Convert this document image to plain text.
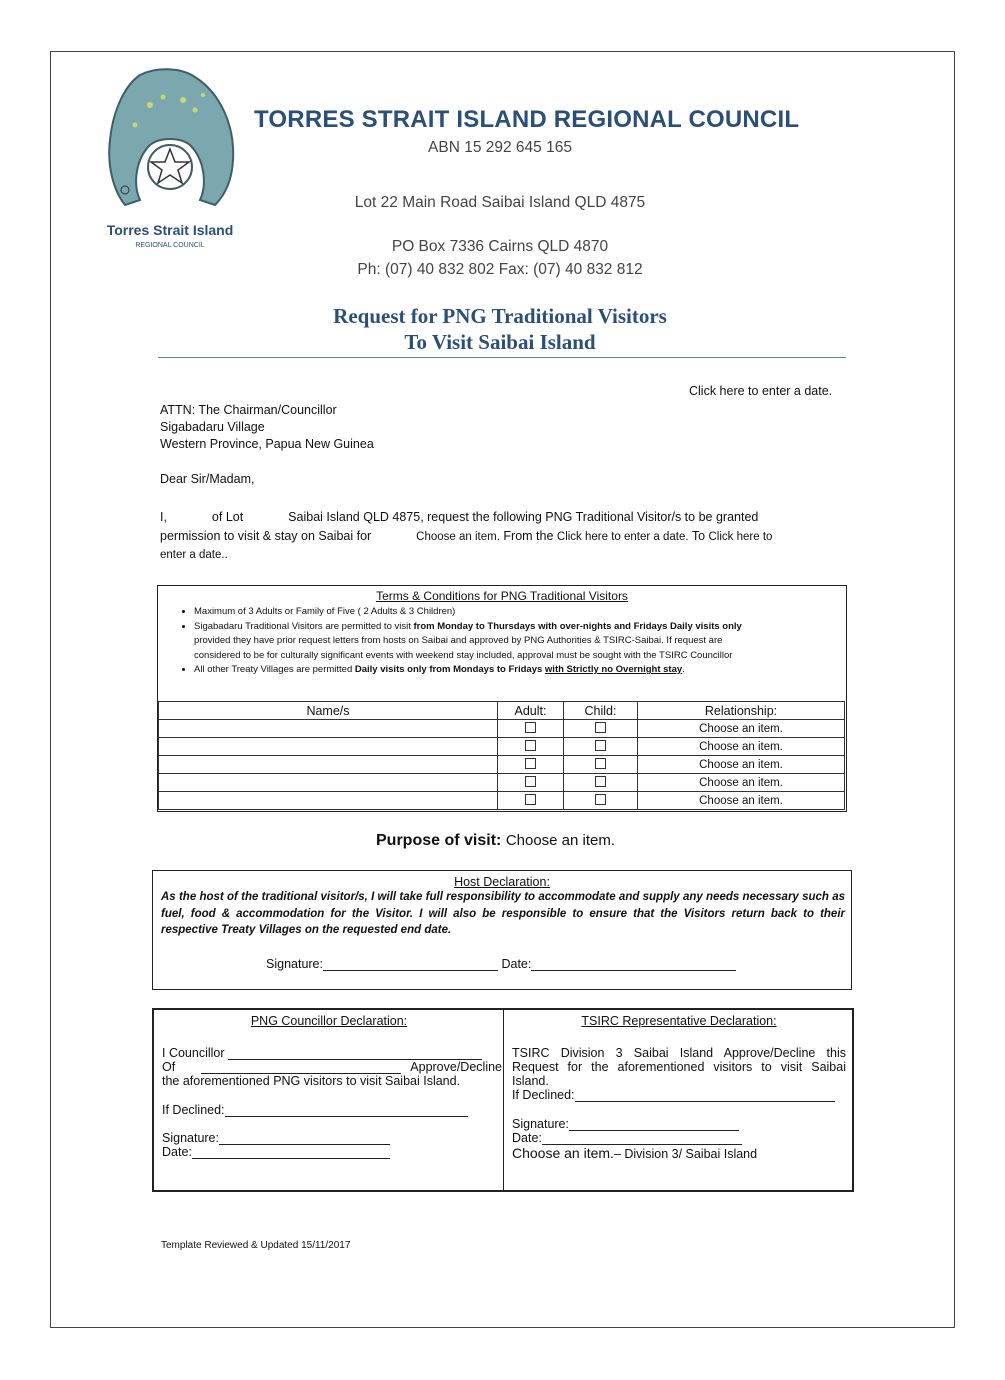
Torres Strait Island
REGIONAL COUNCIL
TORRES STRAIT ISLAND REGIONAL COUNCIL
ABN 15 292 645 165
Lot 22 Main Road Saibai Island QLD 4875
PO Box 7336 Cairns QLD 4870
Ph: (07) 40 832 802 Fax: (07) 40 832 812
Request for PNG Traditional Visitors
To Visit Saibai Island
Click here to enter a date.
ATTN: The Chairman/Councillor
Sigabadaru Village
Western Province, Papua New Guinea
Dear Sir/Madam,
I,	of Lot	Saibai Island QLD 4875, request the following PNG Traditional Visitor/s to be granted
permission to visit & stay on Saibai for	Choose an item. From the Click here to enter a date. To Click here to
enter a date..
Terms & Conditions for PNG Traditional Visitors
• Maximum of 3 Adults or Family of Five ( 2 Adults & 3 Children)
• Sigabadaru Traditional Visitors are permitted to visit from Monday to Thursdays with over-nights and Fridays Daily visits only
provided they have prior request letters from hosts on Saibai and approved by PNG Authorities & TSIRC-Saibai. If request are
considered to be for culturally significant events with weekend stay included, approval must be sought with the TSIRC Councillor
• All other Treaty Villages are permitted Daily visits only from Mondays to Fridays with Strictly no Overnight stay.
Name/s	Adult:	Child:	Relationship:
			Choose an item.
			Choose an item.
			Choose an item.
			Choose an item.
			Choose an item.
Purpose of visit: Choose an item.
Host Declaration:
As the host of the traditional visitor/s, I will take full responsibility to accommodate and supply any needs necessary such as fuel, food & accommodation for the Visitor. I will also be responsible to ensure that the Visitors return back to their respective Treaty Villages on the requested end date.
Signature:	Date:
PNG Councillor Declaration:
I Councillor
Of	Approve/Decline
the aforementioned PNG visitors to visit Saibai Island.
If Declined:
Signature:
Date:
TSIRC Representative Declaration:
TSIRC Division 3 Saibai Island Approve/Decline this Request for the aforementioned visitors to visit Saibai Island.
If Declined:
Signature:
Date:
Choose an item.– Division 3/ Saibai Island
Template Reviewed & Updated 15/11/2017
